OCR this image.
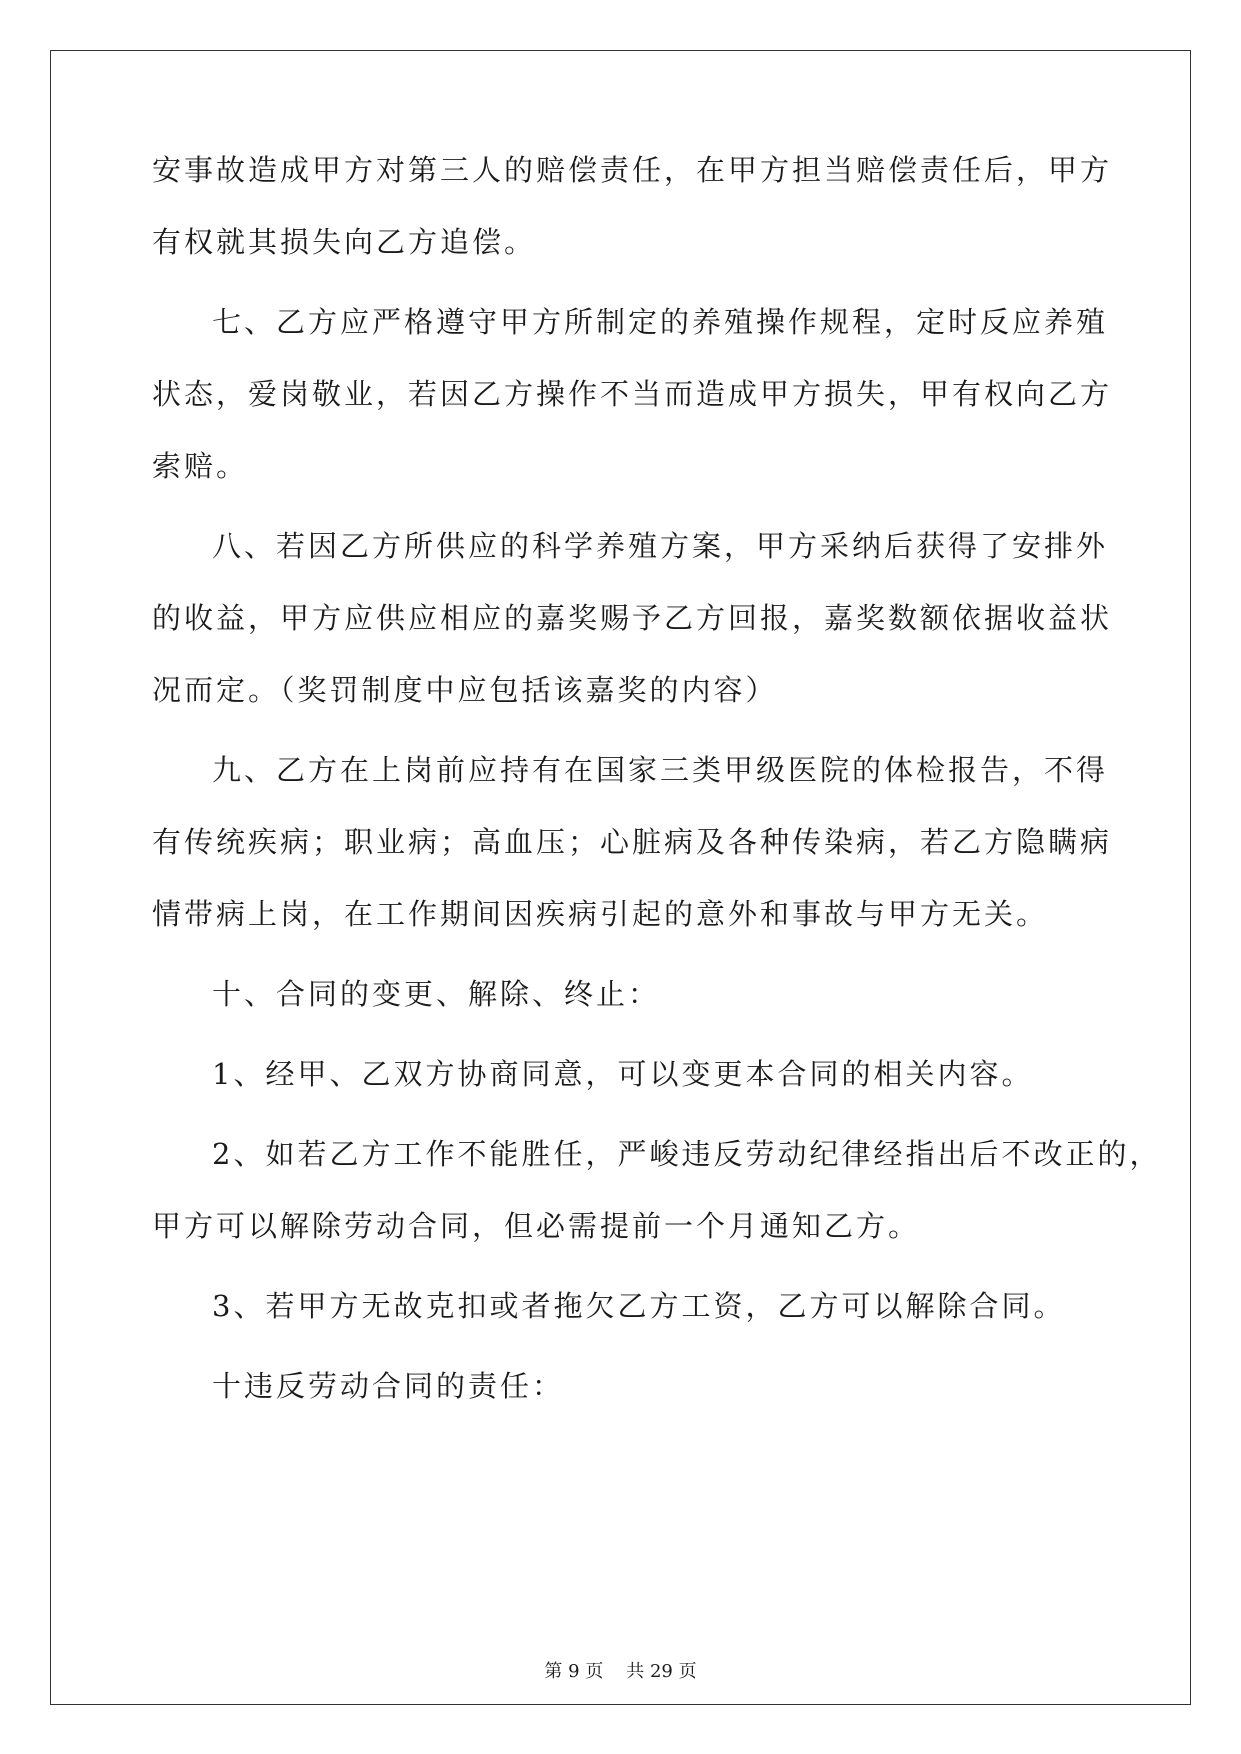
安事故造成甲方对第三人的赔偿责任，在甲方担当赔偿责任后，甲方
有权就其损失向乙方追偿。
七、乙方应严格遵守甲方所制定的养殖操作规程，定时反应养殖
状态，爱岗敬业，若因乙方操作不当而造成甲方损失，甲有权向乙方
索赔。
八、若因乙方所供应的科学养殖方案，甲方采纳后获得了安排外
的收益，甲方应供应相应的嘉奖赐予乙方回报，嘉奖数额依据收益状
况而定。（奖罚制度中应包括该嘉奖的内容）
九、乙方在上岗前应持有在国家三类甲级医院的体检报告，不得
有传统疾病；职业病；高血压；心脏病及各种传染病，若乙方隐瞒病
情带病上岗，在工作期间因疾病引起的意外和事故与甲方无关。
十、合同的变更、解除、终止：
1、经甲、乙双方协商同意，可以变更本合同的相关内容。
2、如若乙方工作不能胜任，严峻违反劳动纪律经指出后不改正的，
甲方可以解除劳动合同，但必需提前一个月通知乙方。
3、若甲方无故克扣或者拖欠乙方工资，乙方可以解除合同。
十违反劳动合同的责任：
第 9 页 共 29 页
